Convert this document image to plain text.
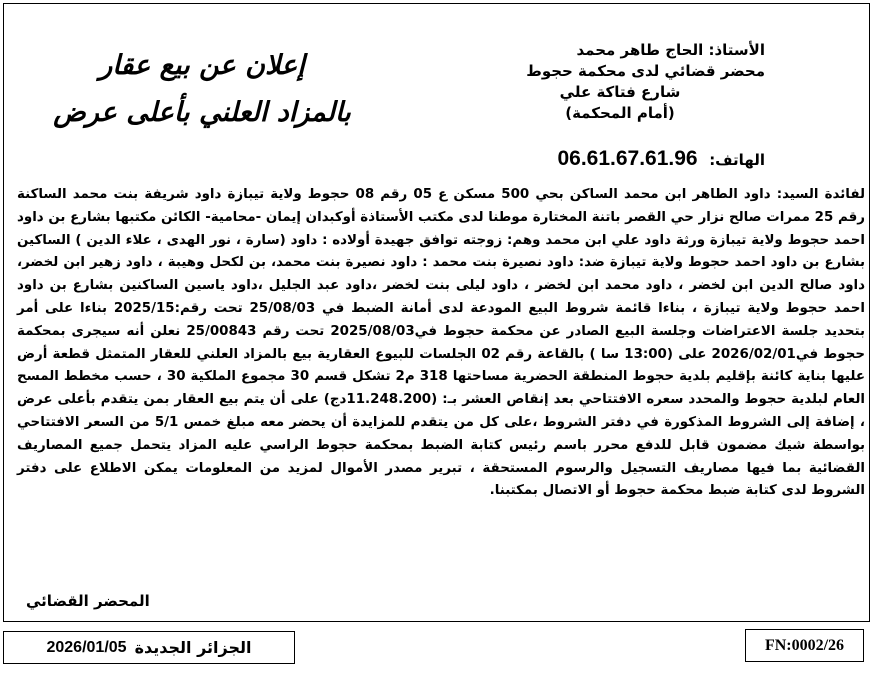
الأستاذ: الحاج طاهر محمد
محضر قضائي لدى محكمة حجوط
شارع فتاكة علي
(أمام المحكمة)
الهاتف: 06.61.67.61.96
إعلان عن بيع عقار
بالمزاد العلني بأعلى عرض
لفائدة السيد: داود الطاهر ابن محمد الساكن بحي 500 مسكن ع 05 رقم 08 حجوط ولاية تيبازة داود شريفة بنت محمد الساكنة رقم 25 ممرات صالح نزار حي القصر باتنة المختارة موطنا لدى مكتب الأستاذة أوكبدان إيمان -محامية- الكائن مكتبها بشارع بن داود احمد حجوط ولاية تيبازة ورثة داود علي ابن محمد وهم: زوجته توافق جهيدة أولاده : داود (سارة ، نور الهدى ، علاء الدين ) الساكين بشارع بن داود احمد حجوط ولاية تيبازة ضد: داود نصيرة بنت محمد : داود نصيرة بنت محمد، بن لكحل وهيبة ، داود زهير ابن لخضر، داود صالح الدين ابن لخضر ، داود محمد ابن لخضر ، داود ليلى بنت لخضر ،داود عبد الجليل ،داود ياسين الساكنين بشارع بن داود احمد حجوط ولاية تيبازة ، بناءا قائمة شروط البيع المودعة لدى أمانة الضبط في 25/08/03 تحت رقم:2025/15 بناءا على أمر بتحديد جلسة الاعتراضات وجلسة البيع الصادر عن محكمة حجوط في2025/08/03 تحت رقم 25/00843 نعلن أنه سيجرى بمحكمة حجوط في2026/02/01 على (13:00 سا ) بالقاعة رقم 02 الجلسات للبيوع العقارية بيع بالمزاد العلني للعقار المتمثل قطعة أرض عليها بناية كائنة بإقليم بلدية حجوط المنطقة الحضرية مساحتها 318 م2 تشكل قسم 30 مجموع الملكية 30 ، حسب مخطط المسح العام لبلدية حجوط والمحدد سعره الافتتاحي بعد إنقاص العشر بـ: (11.248.200دج) على أن يتم بيع العقار بمن يتقدم بأعلى عرض ، إضافة إلى الشروط المذكورة في دفتر الشروط ،على كل من يتقدم للمزايدة أن يحضر معه مبلغ خمس 5/1 من السعر الافتتاحي بواسطة شيك مضمون قابل للدفع محرر باسم رئيس كتابة الضبط بمحكمة حجوط الراسي عليه المزاد يتحمل جميع المصاريف القضائية بما فيها مصاريف التسجيل والرسوم المستحقة ، تبرير مصدر الأموال لمزيد من المعلومات يمكن الاطلاع على دفتر الشروط لدى كتابة ضبط محكمة حجوط أو الاتصال بمكتبنا.
المحضر القضائي
الجزائر الجديدة
2026/01/05	FN:0002/26
